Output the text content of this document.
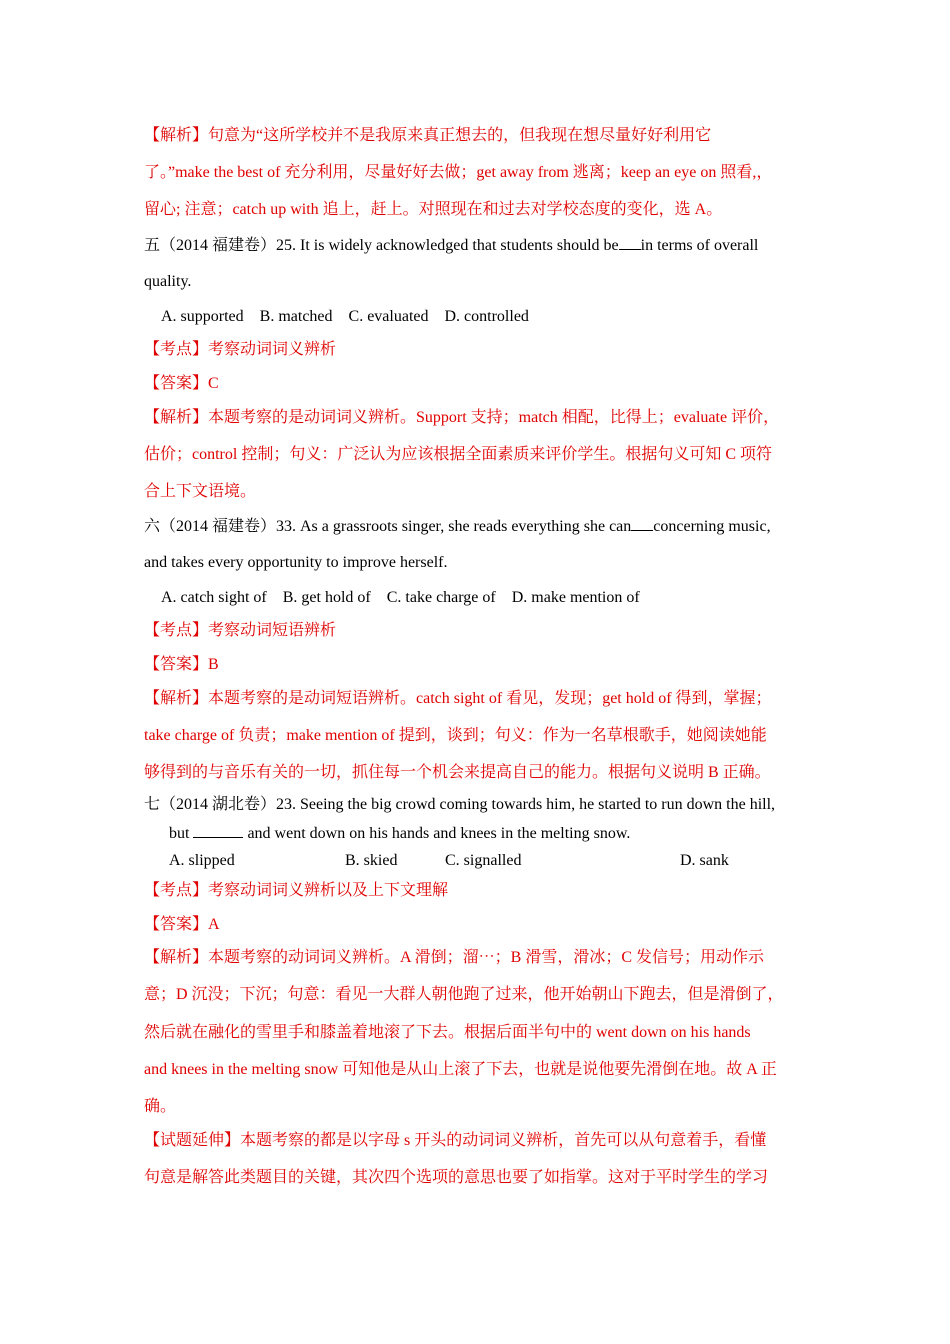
【解析】句意为“这所学校并不是我原来真正想去的，但我现在想尽量好好利用它
了。”make the best of 充分利用，尽量好好去做；get away from 逃离；keep an eye on 照看,，
留心; 注意；catch up with 追上，赶上。对照现在和过去对学校态度的变化，选 A。
五（2014 福建卷）25. It is widely acknowledged that students should be in terms of overall
quality.
A. supported    B. matched    C. evaluated    D. controlled
【考点】考察动词词义辨析
【答案】C
【解析】本题考察的是动词词义辨析。Support 支持；match 相配，比得上；evaluate 评价，
估价；control 控制；句义：广泛认为应该根据全面素质来评价学生。根据句义可知 C 项符
合上下文语境。
六（2014 福建卷）33. As a grassroots singer, she reads everything she can concerning music,
and takes every opportunity to improve herself.
A. catch sight of    B. get hold of    C. take charge of    D. make mention of
【考点】考察动词短语辨析
【答案】B
【解析】本题考察的是动词短语辨析。catch sight of 看见，发现；get hold of 得到，掌握；
take charge of 负责；make mention of 提到，谈到；句义：作为一名草根歌手，她阅读她能
够得到的与音乐有关的一切，抓住每一个机会来提高自己的能力。根据句义说明 B 正确。
七（2014 湖北卷）23. Seeing the big crowd coming towards him, he started to run down the hill,
but	and went down on his hands and knees in the melting snow.
A. slipped	B. skied	C. signalled	D. sank
【考点】考察动词词义辨析以及上下文理解
【答案】A
【解析】本题考察的动词词义辨析。A 滑倒；溜⋯；B 滑雪，滑冰；C 发信号；用动作示
意；D 沉没；下沉；句意：看见一大群人朝他跑了过来，他开始朝山下跑去，但是滑倒了，
然后就在融化的雪里手和膝盖着地滚了下去。根据后面半句中的 went down on his hands
and knees in the melting snow 可知他是从山上滚了下去，也就是说他要先滑倒在地。故 A 正
确。
【试题延伸】本题考察的都是以字母 s 开头的动词词义辨析，首先可以从句意着手，看懂
句意是解答此类题目的关键，其次四个选项的意思也要了如指掌。这对于平时学生的学习
